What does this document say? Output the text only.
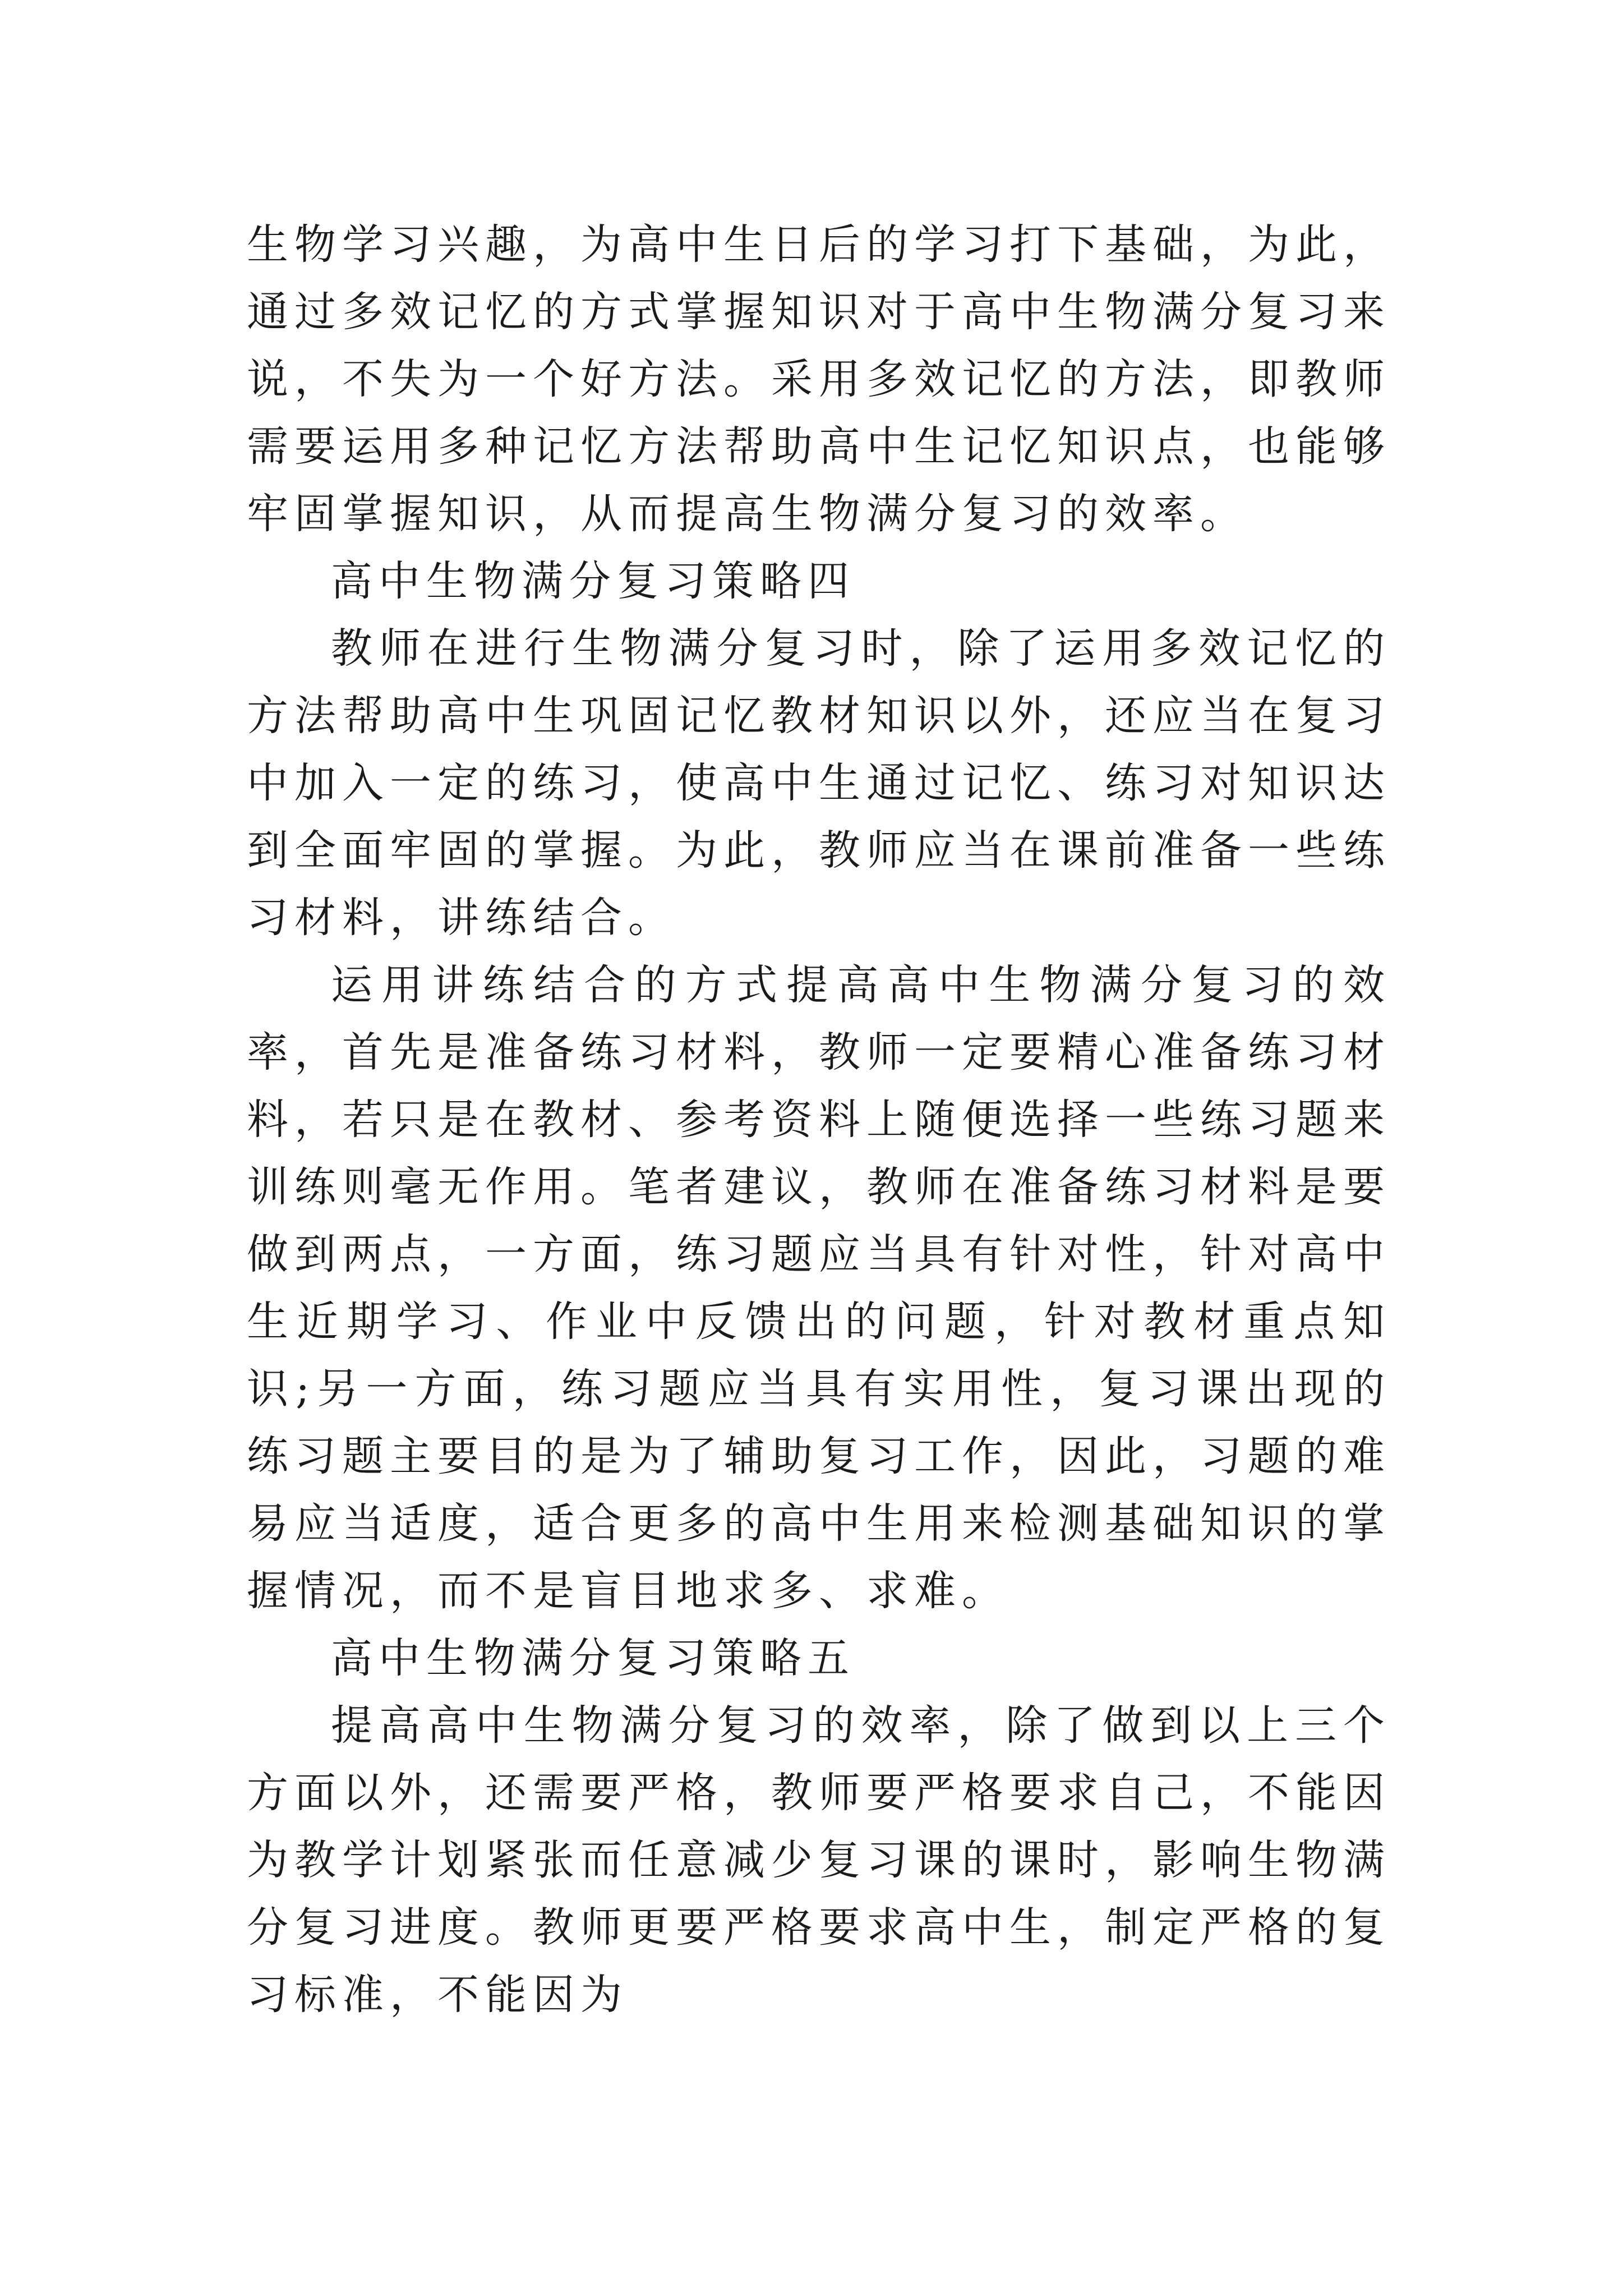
生物学习兴趣，为高中生日后的学习打下基础，为此，通过多效记忆的方式掌握知识对于高中生物满分复习来说，不失为一个好方法。采用多效记忆的方法，即教师需要运用多种记忆方法帮助高中生记忆知识点，也能够牢固掌握知识，从而提高生物满分复习的效率。

高中生物满分复习策略四

教师在进行生物满分复习时，除了运用多效记忆的方法帮助高中生巩固记忆教材知识以外，还应当在复习中加入一定的练习，使高中生通过记忆、练习对知识达到全面牢固的掌握。为此，教师应当在课前准备一些练习材料，讲练结合。

运用讲练结合的方式提高高中生物满分复习的效率，首先是准备练习材料，教师一定要精心准备练习材料，若只是在教材、参考资料上随便选择一些练习题来训练则毫无作用。笔者建议，教师在准备练习材料是要做到两点，一方面，练习题应当具有针对性，针对高中生近期学习、作业中反馈出的问题，针对教材重点知识;另一方面，练习题应当具有实用性，复习课出现的练习题主要目的是为了辅助复习工作，因此，习题的难易应当适度，适合更多的高中生用来检测基础知识的掌握情况，而不是盲目地求多、求难。

高中生物满分复习策略五

提高高中生物满分复习的效率，除了做到以上三个方面以外，还需要严格，教师要严格要求自己，不能因为教学计划紧张而任意减少复习课的课时，影响生物满分复习进度。教师更要严格要求高中生，制定严格的复习标准，不能因为
